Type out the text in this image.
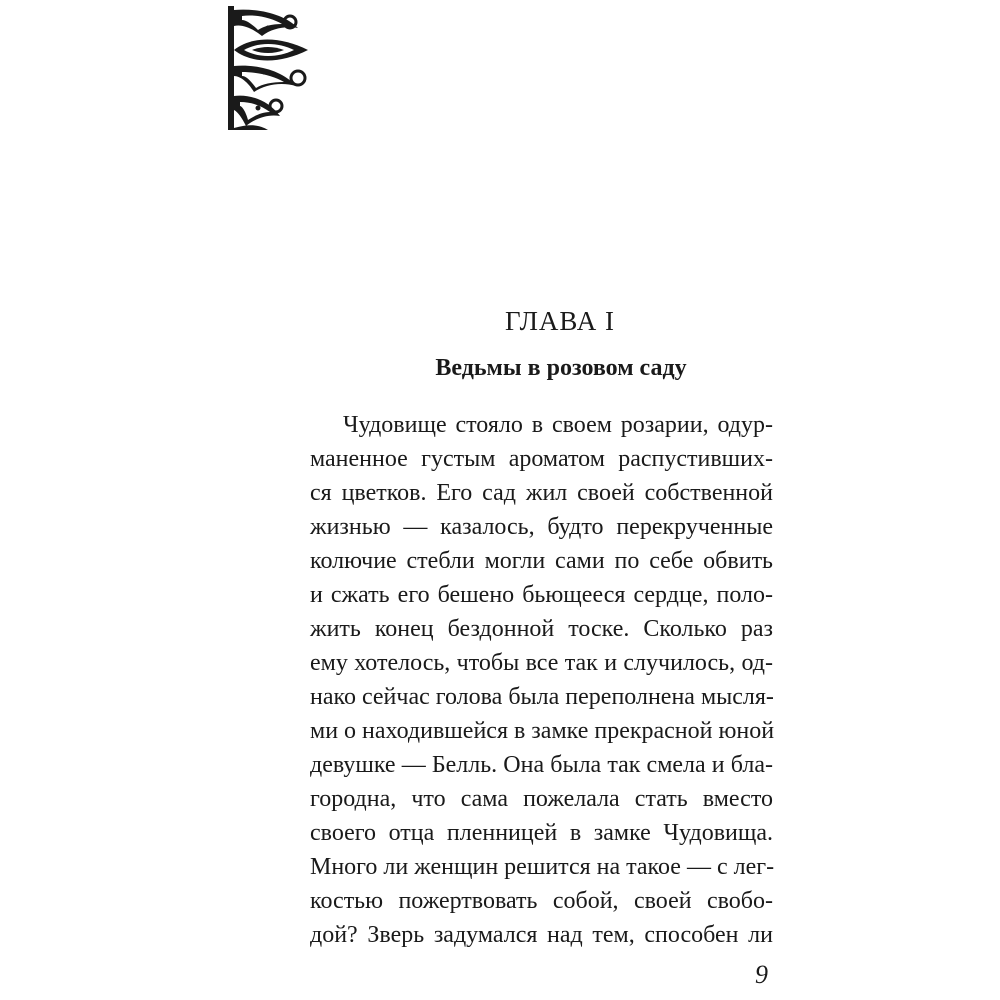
ГЛАВА I
Ведьмы в розовом саду
Чудовище стояло в своем розарии, одур-
маненное густым ароматом распустивших-
ся цветков. Его сад жил своей собственной
жизнью — казалось, будто перекрученные
колючие стебли могли сами по себе обвить
и сжать его бешено бьющееся сердце, поло-
жить конец бездонной тоске. Сколько раз
ему хотелось, чтобы все так и случилось, од-
нако сейчас голова была переполнена мысля-
ми о находившейся в замке прекрасной юной
девушке — Белль. Она была так смела и бла-
городна, что сама пожелала стать вместо
своего отца пленницей в замке Чудовища.
Много ли женщин решится на такое — с лег-
костью пожертвовать собой, своей свобо-
дой? Зверь задумался над тем, способен ли
9
